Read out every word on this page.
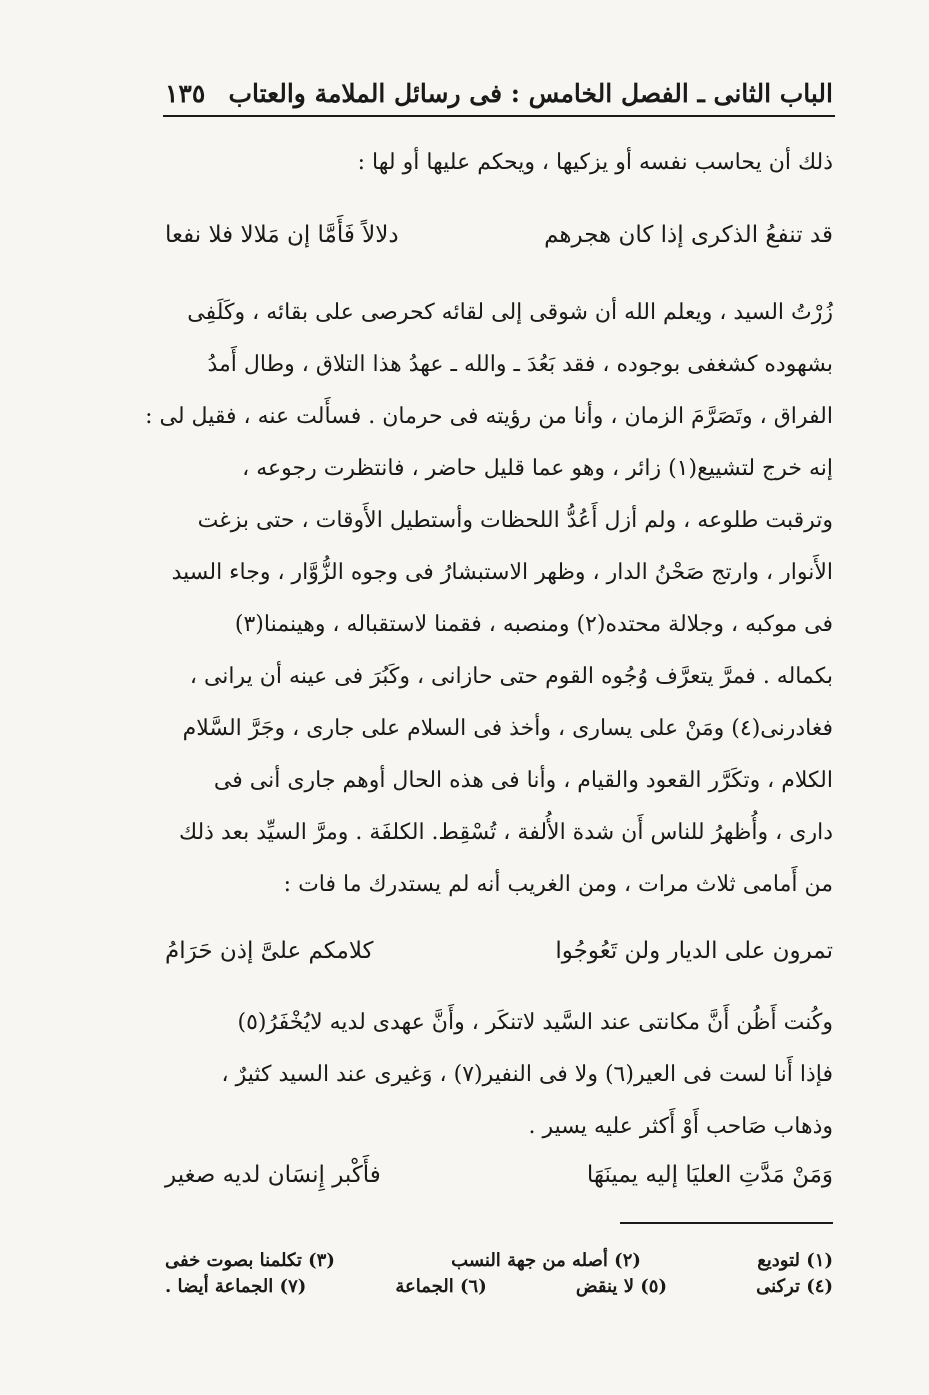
الباب الثانى ـ الفصل الخامس : فى رسائل الملامة والعتاب
١٣٥
ذلك أن يحاسب نفسه أو يزكيها ، ويحكم عليها أو لها :
قد تنفعُ الذكرى إذا كان هجرهم
دلالاً فَأَمَّا إن مَلالا فلا نفعا
زُرْتُ السيد ، ويعلم الله أن شوقى إلى لقائه كحرصى على بقائه ، وكَلَفِى
بشهوده كشغفى بوجوده ، فقد بَعُدَ ـ والله ـ عهدُ هذا التلاق ، وطال أَمدُ
الفراق ، وتَصَرَّمَ الزمان ، وأنا من رؤيته فى حرمان . فسأَلت عنه ، فقيل لى :
إنه خرج لتشييع(١) زائر ، وهو عما قليل حاضر ، فانتظرت رجوعه ،
وترقبت طلوعه ، ولم أزل أَعُدُّ اللحظات وأستطيل الأَوقات ، حتى بزغت
الأَنوار ، وارتج صَحْنُ الدار ، وظهر الاستبشارُ فى وجوه الزُّوَّار ، وجاء السيد
فى موكبه ، وجلالة محتده(٢) ومنصبه ، فقمنا لاستقباله ، وهينمنا(٣)
بكماله . فمرَّ يتعرَّف وُجُوه القوم حتى حازانى ، وكَبُرَ فى عينه أن يرانى ،
فغادرنى(٤) ومَنْ على يسارى ، وأخذ فى السلام على جارى ، وجَرَّ السَّلام
الكلام ، وتكَرَّر القعود والقيام ، وأنا فى هذه الحال أوهم جارى أنى فى
دارى ، وأُظهرُ للناس أَن شدة الأُلفة ، تُسْقِط. الكلفَة . ومرَّ السيِّد بعد ذلك
من أَمامى ثلاث مرات ، ومن الغريب أنه لم يستدرك ما فات :
تمرون على الديار ولن تَعُوجُوا
كلامكم علىَّ إذن حَرَامُ
وكُنت أَظُن أَنَّ مكانتى عند السَّيد لاتنكَر ، وأَنَّ عهدى لديه لايُخْفَرُ(٥)
فإذا أَنا لست فى العير(٦) ولا فى النفير(٧) ، وَغيرى عند السيد كثيرٌ ،
وذهاب صَاحب أَوْ أَكثر عليه يسير .
وَمَنْ مَدَّتِ العليَا إليه يمينَهَا
فأَكْبر إِنسَان لديه صغير
(١) لتوديع
(٢) أصله من جهة النسب
(٣) تكلمنا بصوت خفى
(٤) تركنى
(٥) لا ينقض
(٦) الجماعة
(٧) الجماعة أيضا .
